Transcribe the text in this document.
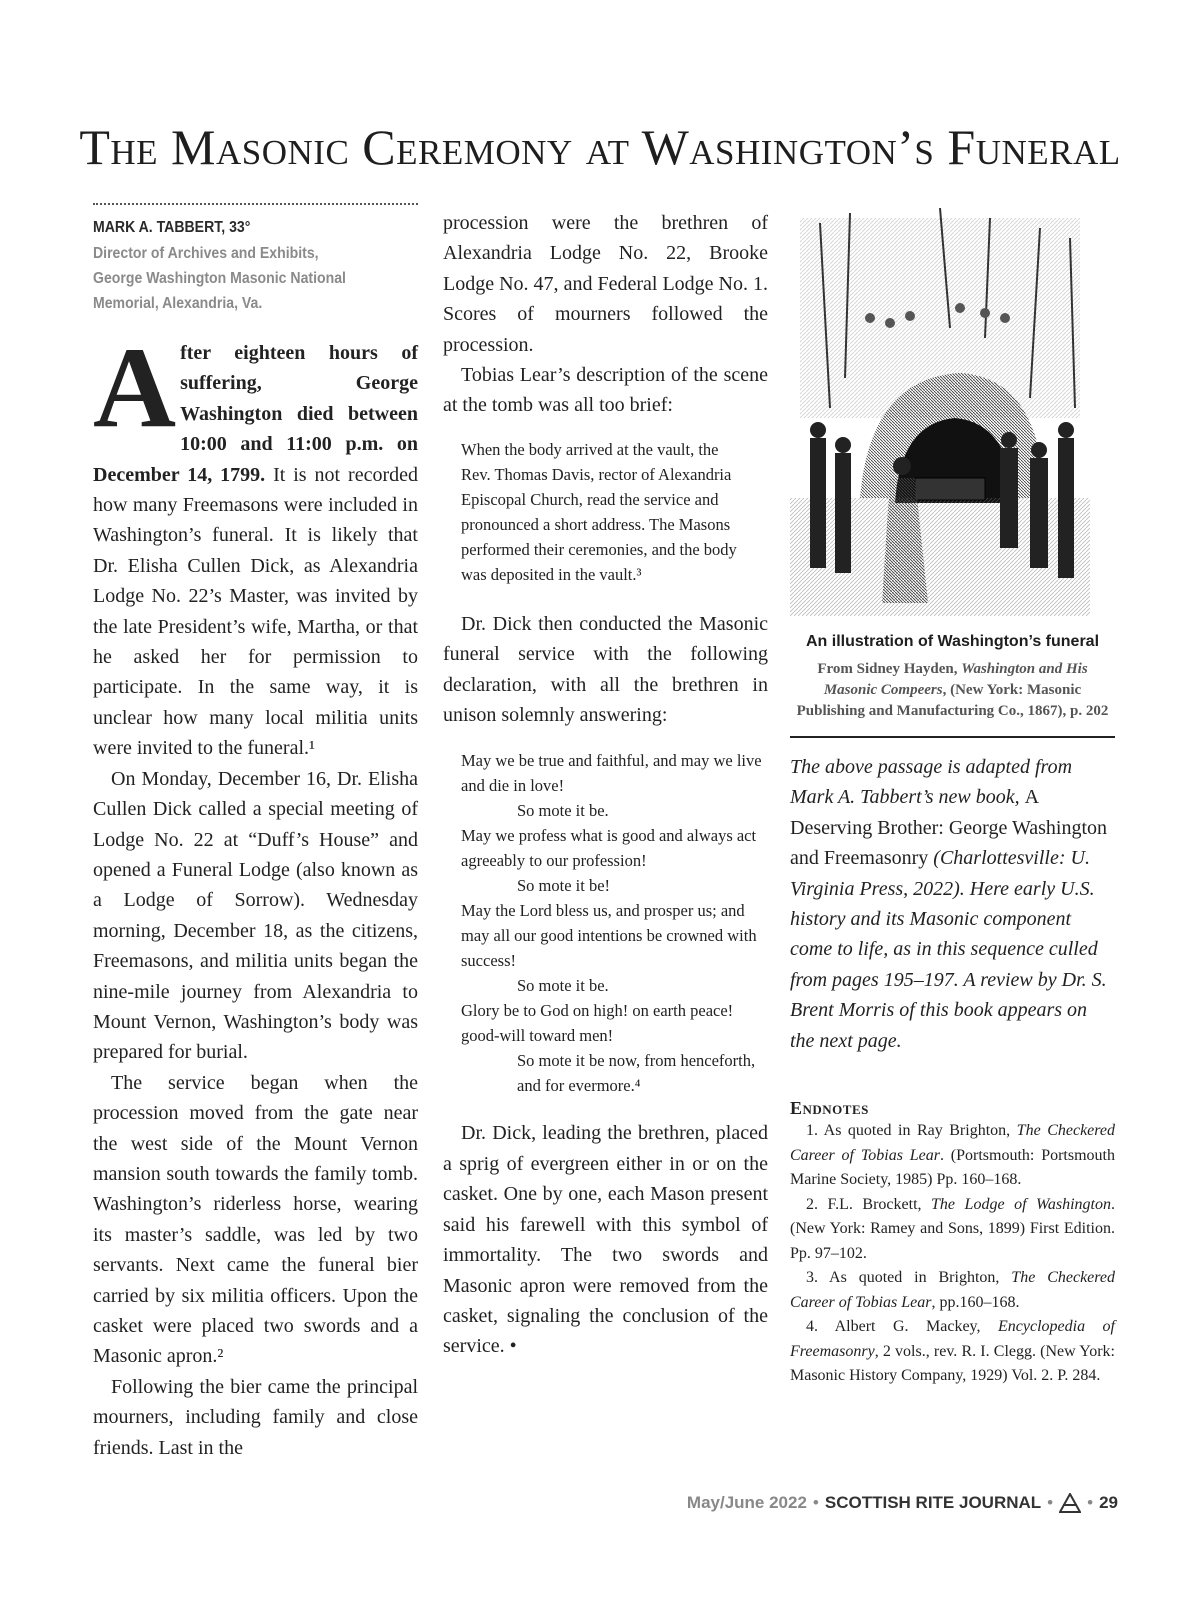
The Masonic Ceremony at Washington’s Funeral
MARK A. TABBERT, 33°
Director of Archives and Exhibits,
George Washington Masonic National
Memorial, Alexandria, Va.

After eighteen hours of suffering, George Washington died between 10:00 and 11:00 p.m. on December 14, 1799. It is not recorded how many Freemasons were included in Washington’s funeral. It is likely that Dr. Elisha Cullen Dick, as Alexandria Lodge No. 22’s Master, was invited by the late President’s wife, Martha, or that he asked her for permission to participate. In the same way, it is unclear how many local militia units were invited to the funeral.¹

On Monday, December 16, Dr. Elisha Cullen Dick called a special meeting of Lodge No. 22 at “Duff’s House” and opened a Funeral Lodge (also known as a Lodge of Sorrow). Wednesday morning, December 18, as the citizens, Freemasons, and militia units began the nine-mile journey from Alexandria to Mount Vernon, Washington’s body was prepared for burial.

The service began when the procession moved from the gate near the west side of the Mount Vernon mansion south towards the family tomb. Washington’s riderless horse, wearing its master’s saddle, was led by two servants. Next came the funeral bier carried by six militia officers. Upon the casket were placed two swords and a Masonic apron.²

Following the bier came the principal mourners, including family and close friends. Last in the

procession were the brethren of Alexandria Lodge No. 22, Brooke Lodge No. 47, and Federal Lodge No. 1. Scores of mourners followed the procession.

Tobias Lear’s description of the scene at the tomb was all too brief:

When the body arrived at the vault, the Rev. Thomas Davis, rector of Alexandria Episcopal Church, read the service and pronounced a short address. The Masons performed their ceremonies, and the body was deposited in the vault.³

Dr. Dick then conducted the Masonic funeral service with the following declaration, with all the brethren in unison solemnly answering:

May we be true and faithful, and may we live and die in love!
So mote it be.
May we profess what is good and always act agreeably to our profession!
So mote it be!
May the Lord bless us, and prosper us; and may all our good intentions be crowned with success!
So mote it be.
Glory be to God on high! on earth peace! good-will toward men!
So mote it be now, from henceforth, and for evermore.⁴

Dr. Dick, leading the brethren, placed a sprig of evergreen either in or on the casket. One by one, each Mason present said his farewell with this symbol of immortality. The two swords and Masonic apron were removed from the casket, signaling the conclusion of the service. •

An illustration of Washington’s funeral
From Sidney Hayden, Washington and His Masonic Compeers, (New York: Masonic Publishing and Manufacturing Co., 1867), p. 202

The above passage is adapted from Mark A. Tabbert’s new book, A Deserving Brother: George Washington and Freemasonry (Charlottesville: U. Virginia Press, 2022). Here early U.S. history and its Masonic component come to life, as in this sequence culled from pages 195–197. A review by Dr. S. Brent Morris of this book appears on the next page.

Endnotes

1. As quoted in Ray Brighton, The Checkered Career of Tobias Lear. (Portsmouth: Portsmouth Marine Society, 1985) Pp. 160–168.

2. F.L. Brockett, The Lodge of Washington. (New York: Ramey and Sons, 1899) First Edition. Pp. 97–102.

3. As quoted in Brighton, The Checkered Career of Tobias Lear, pp.160–168.

4. Albert G. Mackey, Encyclopedia of Freemasonry, 2 vols., rev. R. I. Clegg. (New York: Masonic History Company, 1929) Vol. 2. P. 284.

May/June 2022 • SCOTTISH RITE JOURNAL • • 29
